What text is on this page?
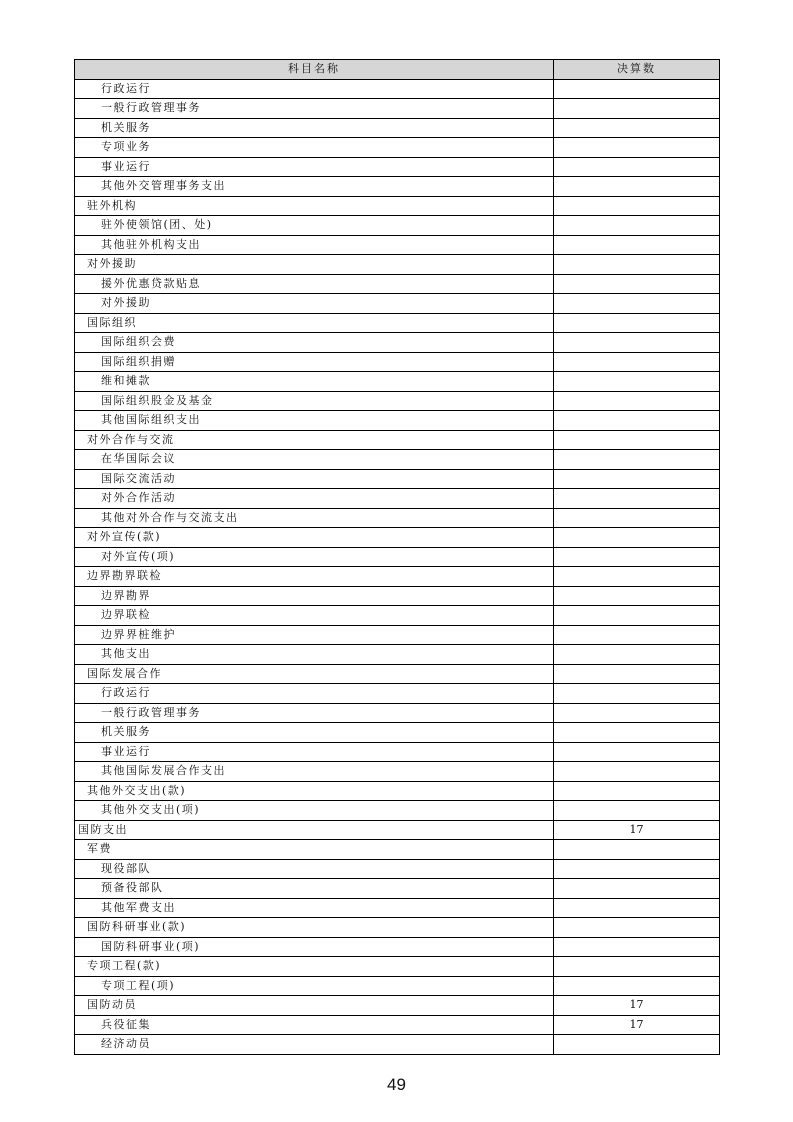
科目名称	决算数
行政运行	
一般行政管理事务	
机关服务	
专项业务	
事业运行	
其他外交管理事务支出	
驻外机构	
驻外使领馆(团、处)	
其他驻外机构支出	
对外援助	
援外优惠贷款贴息	
对外援助	
国际组织	
国际组织会费	
国际组织捐赠	
维和摊款	
国际组织股金及基金	
其他国际组织支出	
对外合作与交流	
在华国际会议	
国际交流活动	
对外合作活动	
其他对外合作与交流支出	
对外宣传(款)	
对外宣传(项)	
边界勘界联检	
边界勘界	
边界联检	
边界界桩维护	
其他支出	
国际发展合作	
行政运行	
一般行政管理事务	
机关服务	
事业运行	
其他国际发展合作支出	
其他外交支出(款)	
其他外交支出(项)	
国防支出	17
军费	
现役部队	
预备役部队	
其他军费支出	
国防科研事业(款)	
国防科研事业(项)	
专项工程(款)	
专项工程(项)	
国防动员	17
兵役征集	17
经济动员	
49
